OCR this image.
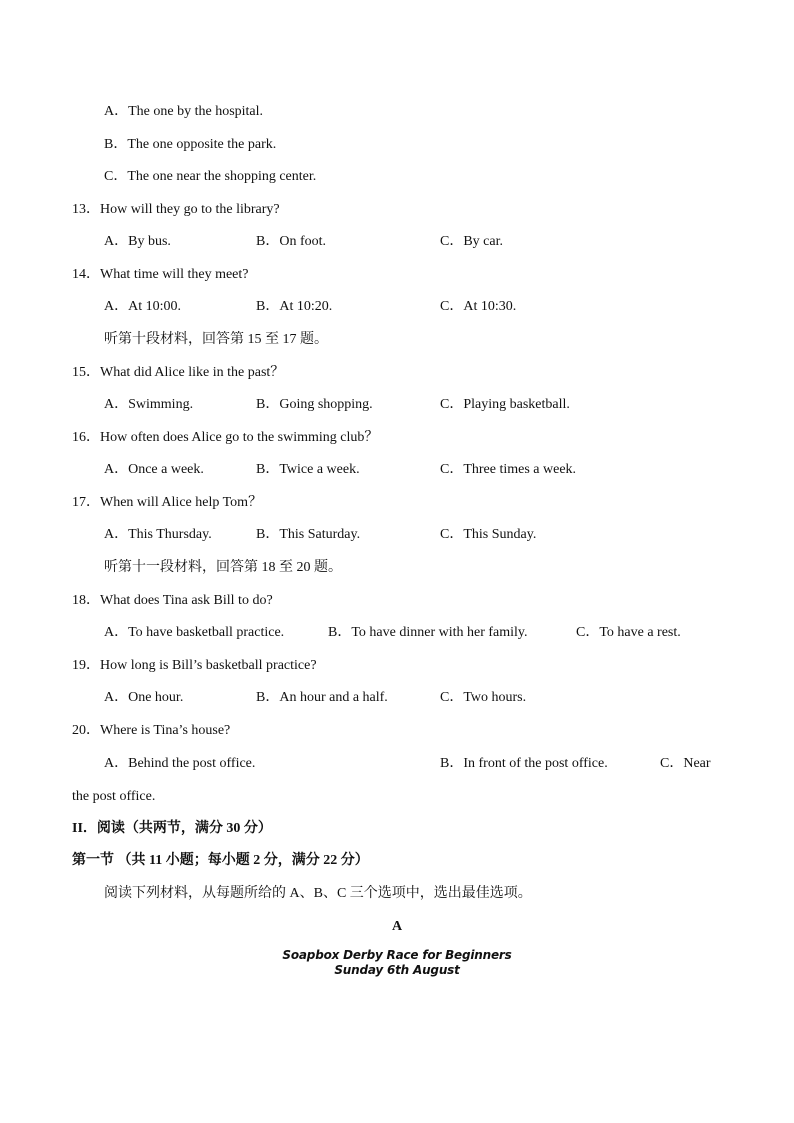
A．The one by the hospital.
B．The one opposite the park.
C．The one near the shopping center.
13．How will they go to the library?
A．By bus.	B．On foot.	C．By car.
14．What time will they meet?
A．At 10:00.	B．At 10:20.	C．At 10:30.
听第十段材料，回答第 15 至 17 题。
15．What did Alice like in the past？
A．Swimming.	B．Going shopping.	C．Playing basketball.
16．How often does Alice go to the swimming club？
A．Once a week.	B．Twice a week.	C．Three times a week.
17．When will Alice help Tom？
A．This Thursday.	B．This Saturday.	C．This Sunday.
听第十一段材料，回答第 18 至 20 题。
18．What does Tina ask Bill to do?
A．To have basketball practice.	B．To have dinner with her family.	C．To have a rest.
19．How long is Bill’s basketball practice?
A．One hour.	B．An hour and a half.	C．Two hours.
20．Where is Tina’s house?
A．Behind the post office.	B．In front of the post office.	C．Near
the post office.
II．阅读（共两节，满分 30 分）
第一节 （共 11 小题；每小题 2 分，满分 22 分）
阅读下列材料，从每题所给的 A、B、C 三个选项中，选出最佳选项。
A
Soapbox Derby Race for Beginners
Sunday 6th August
